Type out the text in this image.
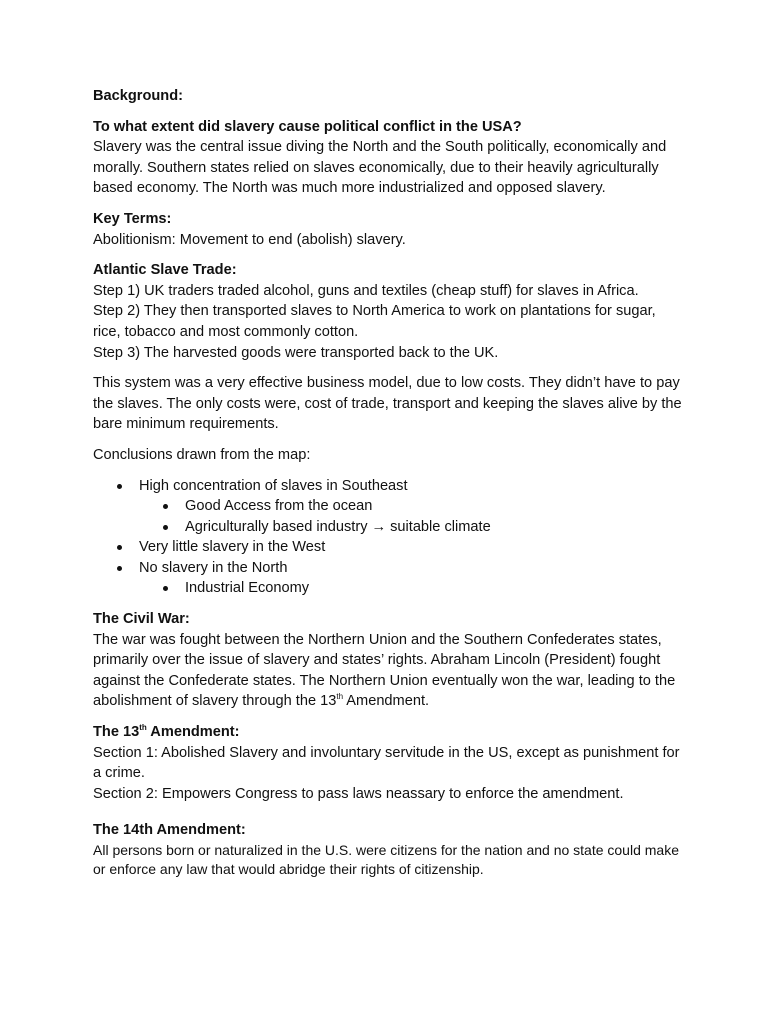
Background:

To what extent did slavery cause political conflict in the USA?

Slavery was the central issue diving the North and the South politically, economically and morally. Southern states relied on slaves economically, due to their heavily agriculturally based economy. The North was much more industrialized and opposed slavery.

Key Terms:

Abolitionism: Movement to end (abolish) slavery.

Atlantic Slave Trade:

Step 1) UK traders traded alcohol, guns and textiles (cheap stuff) for slaves in Africa.

Step 2) They then transported slaves to North America to work on plantations for sugar, rice, tobacco and most commonly cotton.

Step 3) The harvested goods were transported back to the UK.

This system was a very effective business model, due to low costs. They didn’t have to pay the slaves. The only costs were, cost of trade, transport and keeping the slaves alive by the bare minimum requirements.

Conclusions drawn from the map:

High concentration of slaves in Southeast
Good Access from the ocean
Agriculturally based industry → suitable climate
Very little slavery in the West
No slavery in the North
Industrial Economy

The Civil War:

The war was fought between the Northern Union and the Southern Confederates states, primarily over the issue of slavery and states’ rights. Abraham Lincoln (President) fought against the Confederate states. The Northern Union eventually won the war, leading to the abolishment of slavery through the 13th Amendment.

The 13th Amendment:

Section 1: Abolished Slavery and involuntary servitude in the US, except as punishment for a crime.

Section 2: Empowers Congress to pass laws neassary to enforce the amendment.

The 14th Amendment:

All persons born or naturalized in the U.S. were citizens for the nation and no state could make or enforce any law that would abridge their rights of citizenship.
